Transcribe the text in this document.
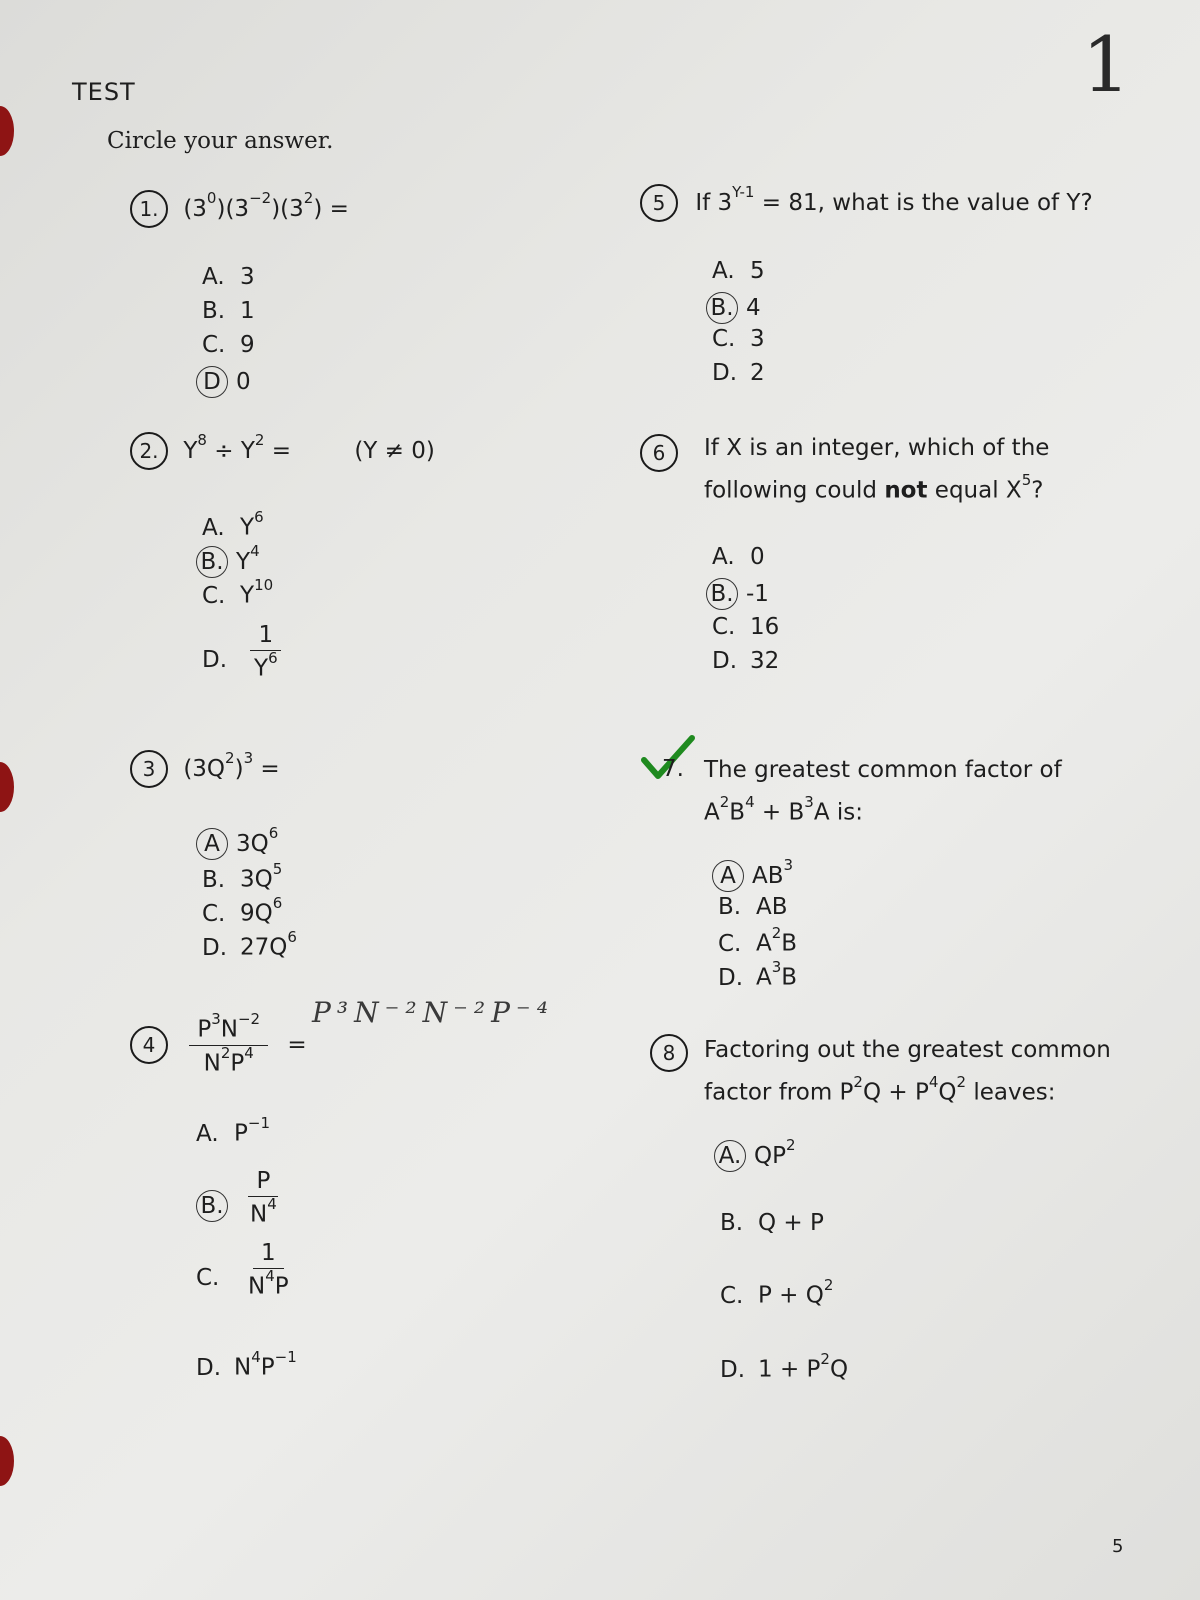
TEST
Circle your answer.
1
5
1. $(3^0)(3^{-2})(3^2)$ =
A. 3
B. 1
C. 9
D 0
2. $Y^8 \div Y^2$ =	(Y ≠ 0)
A. $Y^6$
B. $Y^4$
C. $Y^{10}$
D. $\frac{1}{Y^6}$
3 $(3Q^2)^3$ =
A $3Q^6$
B. $3Q^5$
C. $9Q^6$
D. $27Q^6$
$4 \frac{P^3N^{-2}}{N^2P^4}$ =
P³N⁻²N⁻²P⁻⁴
A. $P^{-1}$
B. $\frac{P}{N^4}$
C. $\frac{1}{N^4P}$
D. $N^4P^{-1}$
5 If $3^{Y-1} = 81$, what is the value of Y?
A. 5
B. 4
C. 3
D. 2
6	If X is an integer, which of the
following could not equal $X^5$?
A. 0
B. -1
C. 16
D. 32
7. The greatest common factor of
$A^2B^4 + B^3A$ is:
A $AB^3$
B. AB
C. $A^2B$
D. $A^3B$
8	Factoring out the greatest common
factor from $P^2Q + P^4Q^2$ leaves:
A. $QP^2$
B. Q + P
C. $P + Q^2$
D. $1 + P^2Q$
